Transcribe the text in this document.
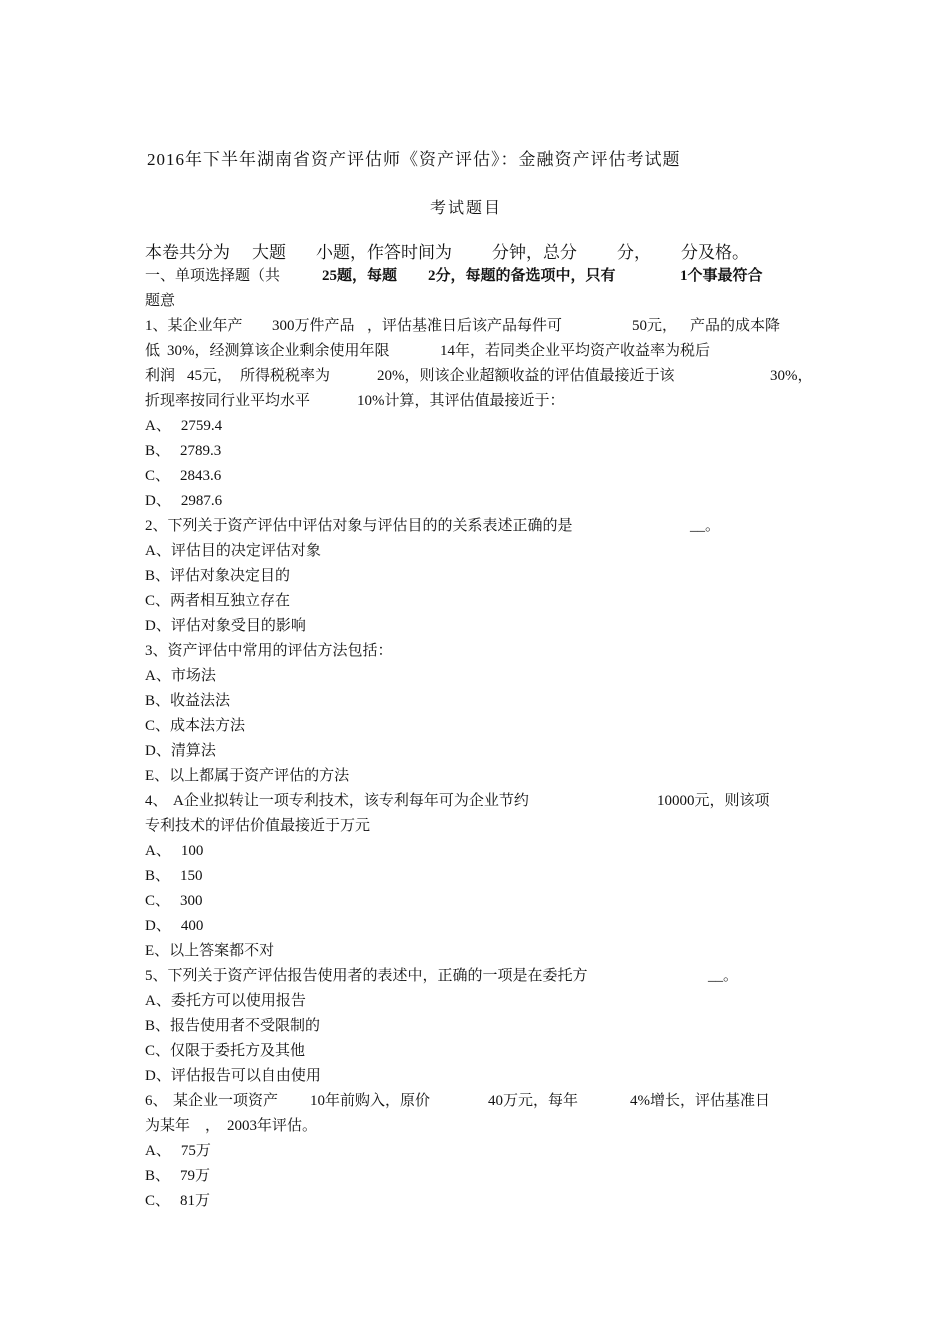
2016年下半年湖南省资产评估师《资产评估》：金融资产评估考试题
考试题目
本卷共分为 大题 小题，作答时间为 分钟，总分 分， 分及格。
一、单项选择题（共	25题，每题 2分，每题的备选项中，只有	1个事最符合
题意
1、某企业年产 300万件产品 ，评估基准日后该产品每件可	50元， 产品的成本降
低 30%，经测算该企业剩余使用年限	14年，若同类企业平均资产收益率为税后
利润 45元， 所得税税率为	20%，则该企业超额收益的评估值最接近于该	30%，
折现率按同行业平均水平	10%计算，其评估值最接近于：
A、 2759.4
B、 2789.3
C、 2843.6
D、 2987.6
2、下列关于资产评估中评估对象与评估目的的关系表述正确的是	__。
A、评估目的决定评估对象
B、评估对象决定目的
C、两者相互独立存在
D、评估对象受目的影响
3、资产评估中常用的评估方法包括：
A、市场法
B、收益法法
C、成本法方法
D、清算法
E、以上都属于资产评估的方法
4、 A企业拟转让一项专利技术，该专利每年可为企业节约	10000元，则该项
专利技术的评估价值最接近于万元
A、 100
B、 150
C、 300
D、 400
E、以上答案都不对
5、下列关于资产评估报告使用者的表述中，正确的一项是在委托方	__。
A、委托方可以使用报告
B、报告使用者不受限制的
C、仅限于委托方及其他
D、评估报告可以自由使用
6、 某企业一项资产 10年前购入，原价	40万元，每年	4%增长，评估基准日
为某年 ， 2003年评估。
A、 75万
B、 79万
C、 81万
